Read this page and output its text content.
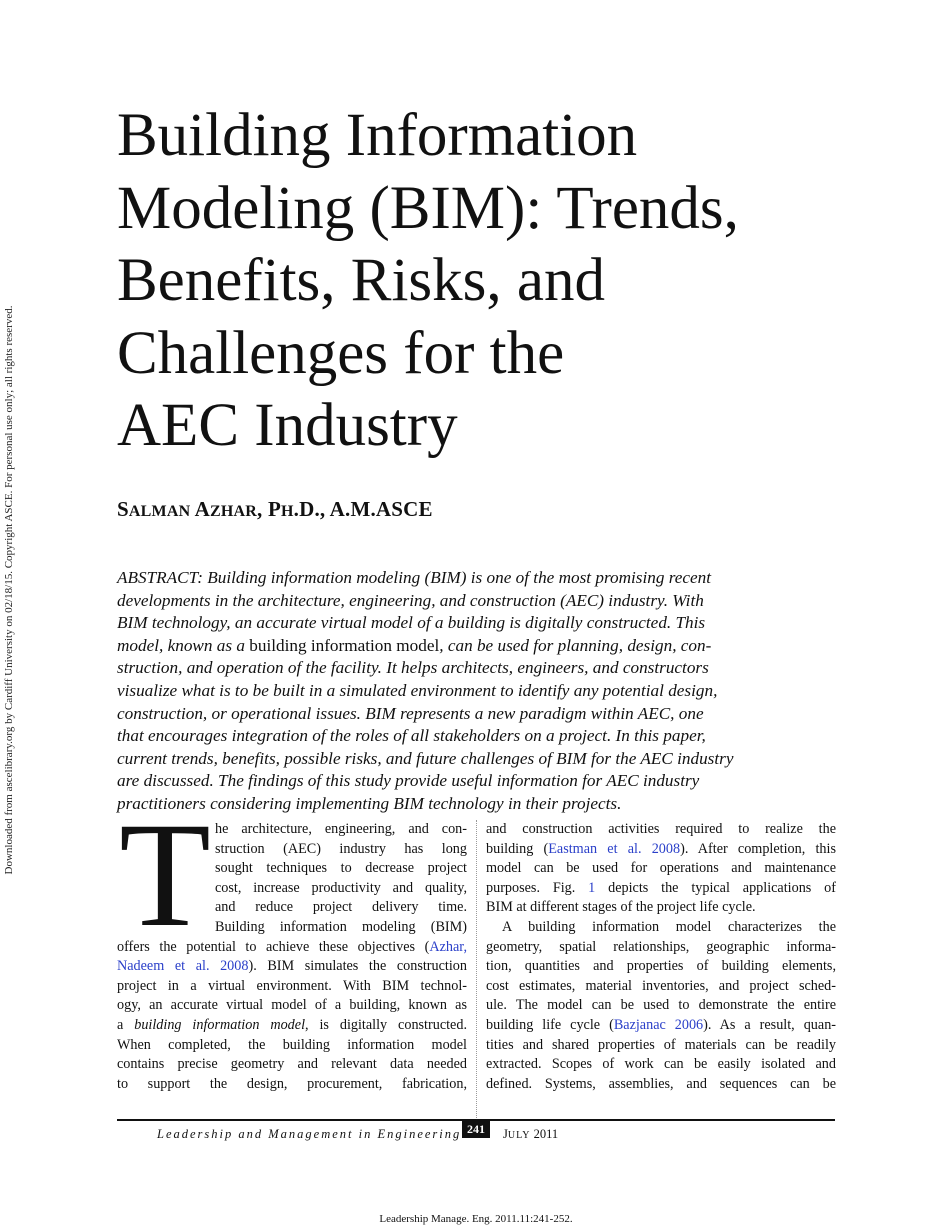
Downloaded from ascelibrary.org by Cardiff University on 02/18/15. Copyright ASCE. For personal use only; all rights reserved.
Building Information
Modeling (BIM): Trends,
Benefits, Risks, and
Challenges for the
AEC Industry

SALMAN AZHAR, PH.D., A.M.ASCE

ABSTRACT: Building information modeling (BIM) is one of the most promising recent
developments in the architecture, engineering, and construction (AEC) industry. With
BIM technology, an accurate virtual model of a building is digitally constructed. This
model, known as a building information model, can be used for planning, design, con-
struction, and operation of the facility. It helps architects, engineers, and constructors
visualize what is to be built in a simulated environment to identify any potential design,
construction, or operational issues. BIM represents a new paradigm within AEC, one
that encourages integration of the roles of all stakeholders on a project. In this paper,
current trends, benefits, possible risks, and future challenges of BIM for the AEC industry
are discussed. The findings of this study provide useful information for AEC industry
practitioners considering implementing BIM technology in their projects.

T he architecture, engineering, and con-
struction (AEC) industry has long
sought techniques to decrease project
cost, increase productivity and quality,
and reduce project delivery time.
Building information modeling (BIM)
offers the potential to achieve these objectives (Azhar,
Nadeem et al. 2008). BIM simulates the construction
project in a virtual environment. With BIM technol-
ogy, an accurate virtual model of a building, known as
a building information model, is digitally constructed.
When completed, the building information model
contains precise geometry and relevant data needed
to support the design, procurement, fabrication,
and construction activities required to realize the
building (Eastman et al. 2008). After completion, this
model can be used for operations and maintenance
purposes. Fig. 1 depicts the typical applications of
BIM at different stages of the project life cycle.
A building information model characterizes the
geometry, spatial relationships, geographic informa-
tion, quantities and properties of building elements,
cost estimates, material inventories, and project sched-
ule. The model can be used to demonstrate the entire
building life cycle (Bazjanac 2006). As a result, quan-
tities and shared properties of materials can be readily
extracted. Scopes of work can be easily isolated and
defined. Systems, assemblies, and sequences can be
Leadership and Management in Engineering 241	JULY 2011
Leadership Manage. Eng. 2011.11:241-252.
